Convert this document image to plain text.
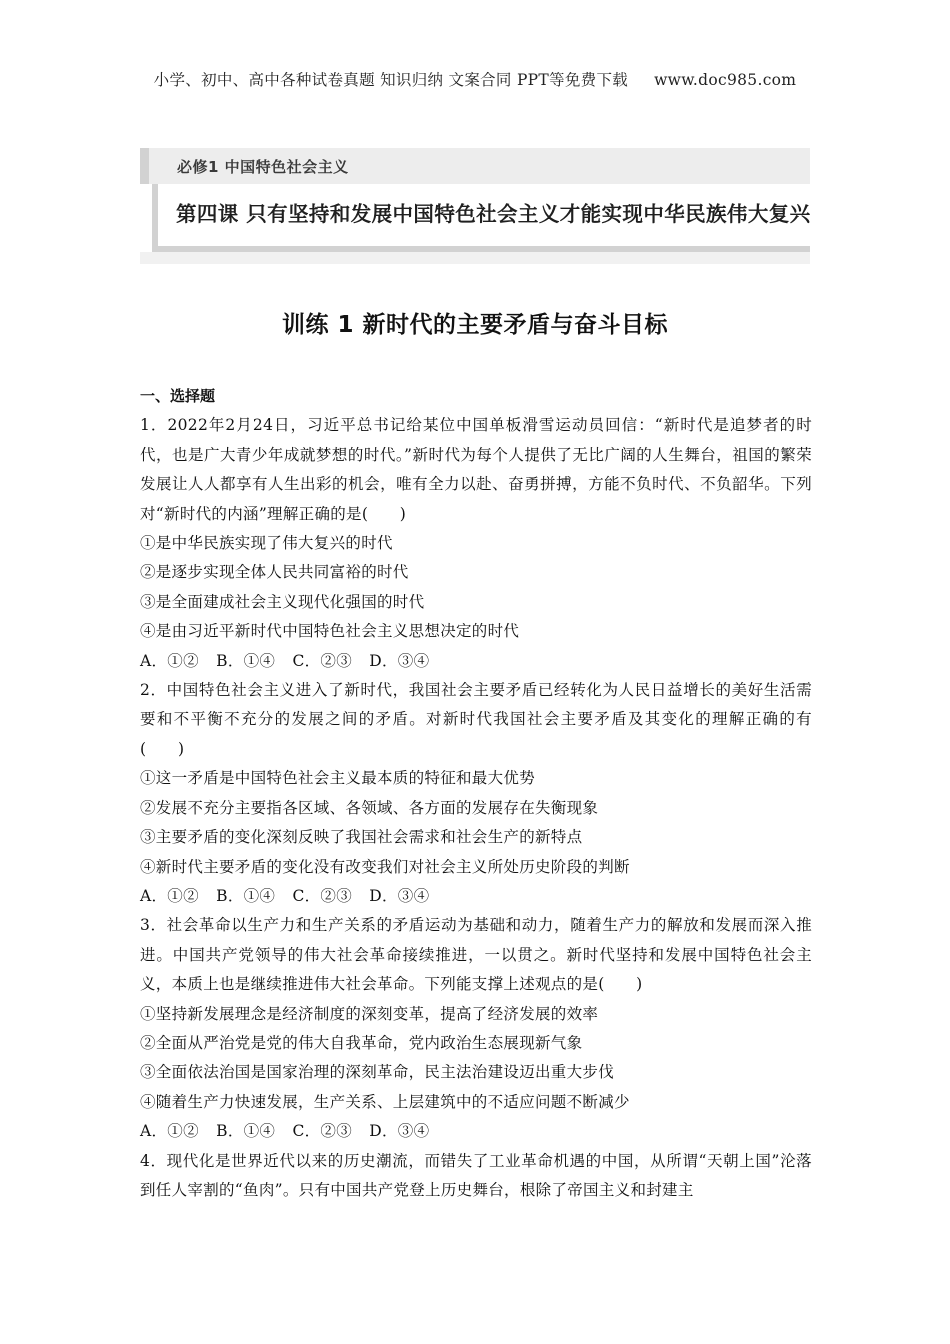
小学、初中、高中各种试卷真题 知识归纳 文案合同 PPT等免费下载 www.doc985.com
必修1 中国特色社会主义
第四课 只有坚持和发展中国特色社会主义才能实现中华民族伟大复兴
训练 1 新时代的主要矛盾与奋斗目标

一、选择题

1．2022年2月24日，习近平总书记给某位中国单板滑雪运动员回信：“新时代是追梦者的时代，也是广大青少年成就梦想的时代。”新时代为每个人提供了无比广阔的人生舞台，祖国的繁荣发展让人人都享有人生出彩的机会，唯有全力以赴、奋勇拼搏，方能不负时代、不负韶华。下列对“新时代的内涵”理解正确的是(　　)

①是中华民族实现了伟大复兴的时代

②是逐步实现全体人民共同富裕的时代

③是全面建成社会主义现代化强国的时代

④是由习近平新时代中国特色社会主义思想决定的时代

A．①② B．①④ C．②③ D．③④

2．中国特色社会主义进入了新时代，我国社会主要矛盾已经转化为人民日益增长的美好生活需要和不平衡不充分的发展之间的矛盾。对新时代我国社会主要矛盾及其变化的理解正确的有(　　)

①这一矛盾是中国特色社会主义最本质的特征和最大优势

②发展不充分主要指各区域、各领域、各方面的发展存在失衡现象

③主要矛盾的变化深刻反映了我国社会需求和社会生产的新特点

④新时代主要矛盾的变化没有改变我们对社会主义所处历史阶段的判断

A．①② B．①④ C．②③ D．③④

3．社会革命以生产力和生产关系的矛盾运动为基础和动力，随着生产力的解放和发展而深入推进。中国共产党领导的伟大社会革命接续推进，一以贯之。新时代坚持和发展中国特色社会主义，本质上也是继续推进伟大社会革命。下列能支撑上述观点的是(　　)

①坚持新发展理念是经济制度的深刻变革，提高了经济发展的效率

②全面从严治党是党的伟大自我革命，党内政治生态展现新气象

③全面依法治国是国家治理的深刻革命，民主法治建设迈出重大步伐

④随着生产力快速发展，生产关系、上层建筑中的不适应问题不断减少

A．①② B．①④ C．②③ D．③④

4．现代化是世界近代以来的历史潮流，而错失了工业革命机遇的中国，从所谓“天朝上国”沦落到任人宰割的“鱼肉”。只有中国共产党登上历史舞台，根除了帝国主义和封建主
